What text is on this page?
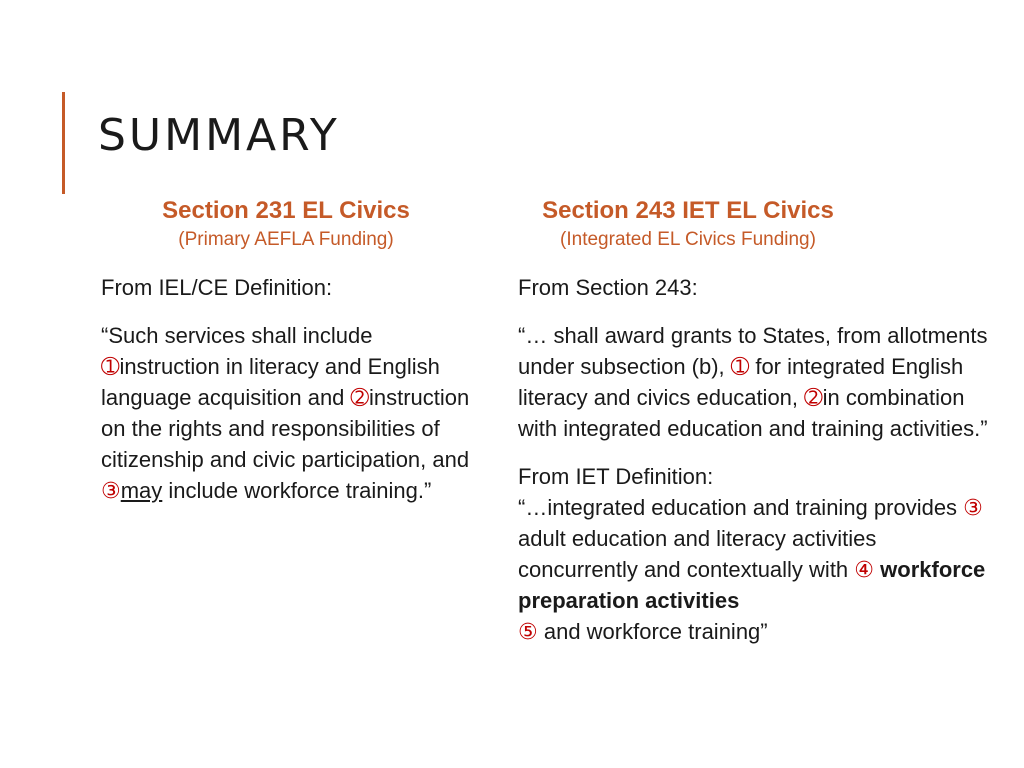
SUMMARY
Section 231 EL Civics
(Primary AEFLA Funding)

From IEL/CE Definition:

“Such services shall include ➀instruction in literacy and English language acquisition and ➁instruction on the rights and responsibilities of citizenship and civic participation, and ③may include workforce training.”

Section 243 IET EL Civics
(Integrated EL Civics Funding)

From Section 243:

“… shall award grants to States, from allotments under subsection (b), ➀ for integrated English literacy and civics education, ➁in combination with integrated education and training activities.”

From IET Definition:
“…integrated education and training provides ③ adult education and literacy activities concurrently and contextually with ④ workforce preparation activities
⑤ and workforce training”
